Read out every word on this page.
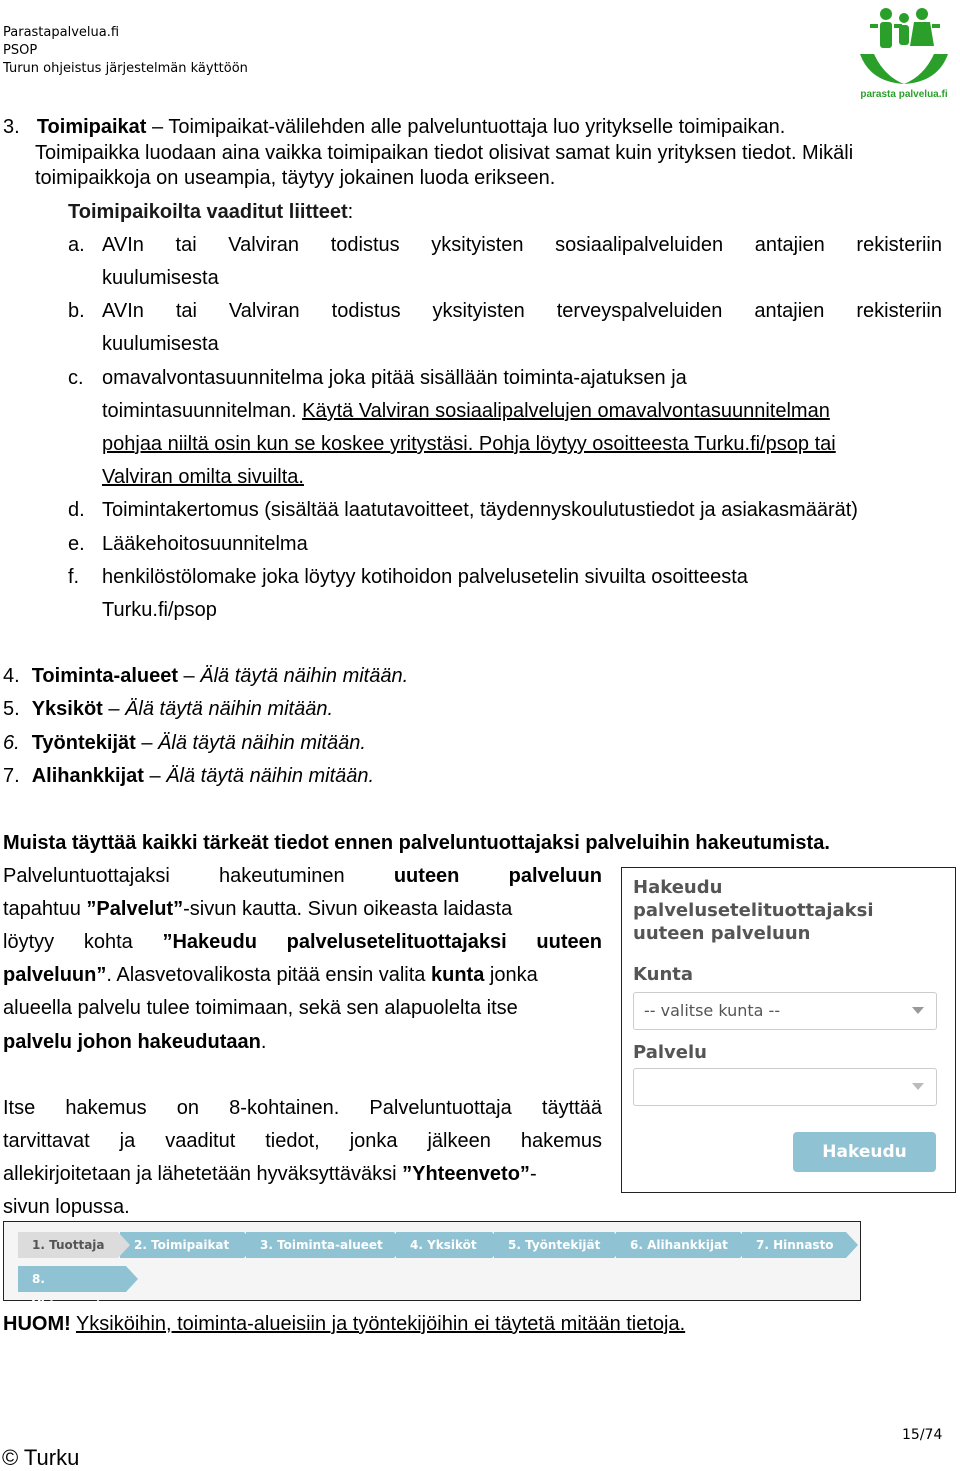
Parastapalvelua.fi
PSOP
Turun ohjeistus järjestelmän käyttöön
parasta palvelua.fi
3. Toimipaikat – Toimipaikat-välilehden alle palveluntuottaja luo yritykselle toimipaikan.
Toimipaikka luodaan aina vaikka toimipaikan tiedot olisivat samat kuin yrityksen tiedot. Mikäli
toimipaikkoja on useampia, täytyy jokainen luoda erikseen.
Toimipaikoilta vaaditut liitteet:
a. AVIn tai Valviran todistus yksityisten sosiaalipalveluiden antajien rekisteriin
kuulumisesta
b. AVIn tai Valviran todistus yksityisten terveyspalveluiden antajien rekisteriin
kuulumisesta
c. omavalvontasuunnitelma joka pitää sisällään toiminta-ajatuksen ja
toimintasuunnitelman. Käytä Valviran sosiaalipalvelujen omavalvontasuunnitelman
pohjaa niiltä osin kun se koskee yritystäsi. Pohja löytyy osoitteesta Turku.fi/psop tai
Valviran omilta sivuilta.
d. Toimintakertomus (sisältää laatutavoitteet, täydennyskoulutustiedot ja asiakasmäärät)
e. Lääkehoitosuunnitelma
f. henkilöstölomake joka löytyy kotihoidon palvelusetelin sivuilta osoitteesta
Turku.fi/psop
4. Toiminta-alueet – Älä täytä näihin mitään.
5. Yksiköt – Älä täytä näihin mitään.
6. Työntekijät – Älä täytä näihin mitään.
7. Alihankkijat – Älä täytä näihin mitään.
Muista täyttää kaikki tärkeät tiedot ennen palveluntuottajaksi palveluihin hakeutumista.
Palveluntuottajaksi hakeutuminen uuteen palveluun
tapahtuu ”Palvelut”-sivun kautta. Sivun oikeasta laidasta
löytyy kohta ”Hakeudu palvelusetelituottajaksi uuteen
palveluun”. Alasvetovalikosta pitää ensin valita kunta jonka
alueella palvelu tulee toimimaan, sekä sen alapuolelta itse
palvelu johon hakeudutaan.
Itse hakemus on 8-kohtainen. Palveluntuottaja täyttää
tarvittavat ja vaaditut tiedot, jonka jälkeen hakemus
allekirjoitetaan ja lähetetään hyväksyttäväksi ”Yhteenveto”-
sivun lopussa.
Hakeudu
palvelusetelituottajaksi
uuteen palveluun
Kunta
-- valitse kunta --
Palvelu
Hakeudu
1. Tuottaja	2. Toimipaikat	3. Toiminta-alueet	4. Yksiköt	5. Työntekijät	6. Alihankkijat	7. Hinnasto
8. Yhteenveto
HUOM! Yksiköihin, toiminta-alueisiin ja työntekijöihin ei täytetä mitään tietoja.
15/74
© Turku
